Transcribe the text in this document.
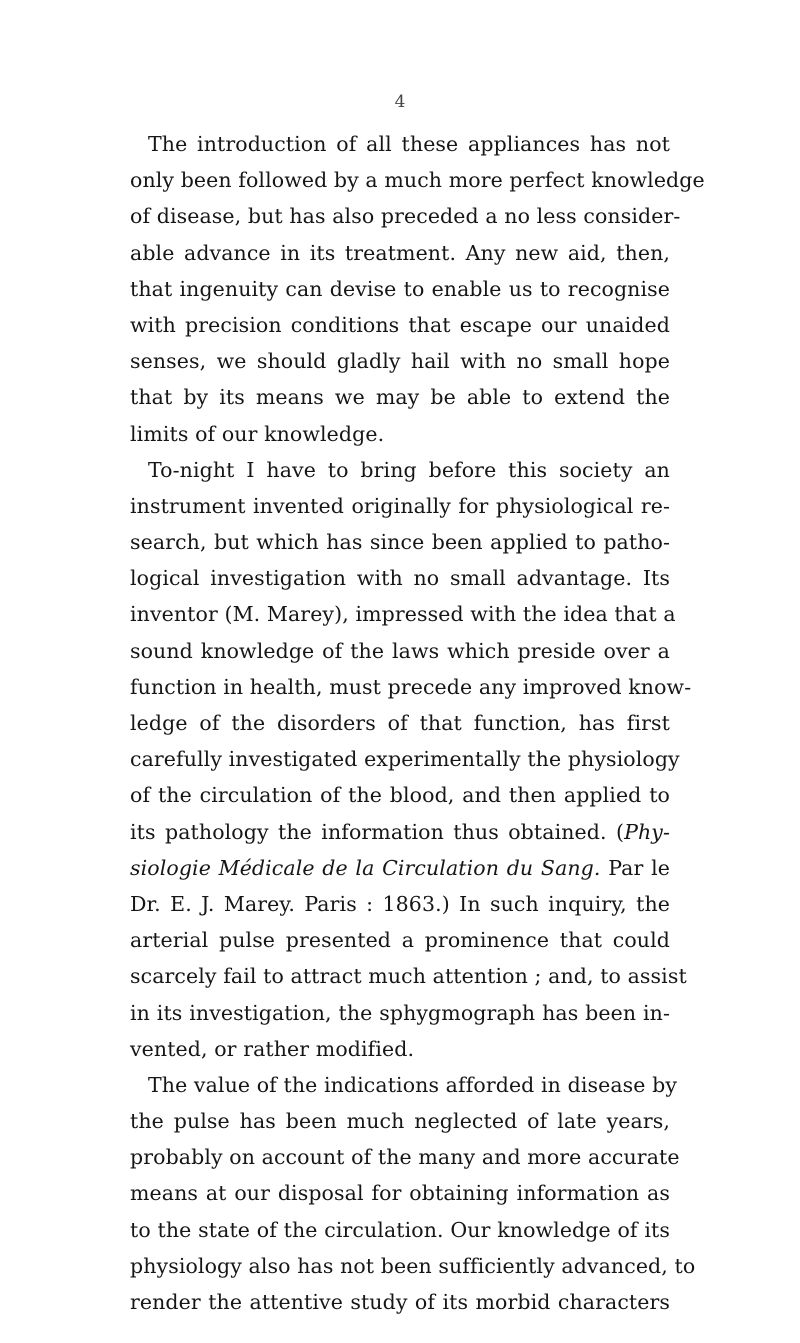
4
The introduction of all these appliances has not
only been followed by a much more perfect knowledge
of disease, but has also preceded a no less consider-
able advance in its treatment. Any new aid, then,
that ingenuity can devise to enable us to recognise
with precision conditions that escape our unaided
senses, we should gladly hail with no small hope
that by its means we may be able to extend the
limits of our knowledge.
To-night I have to bring before this society an
instrument invented originally for physiological re-
search, but which has since been applied to patho-
logical investigation with no small advantage. Its
inventor (M. Marey), impressed with the idea that a
sound knowledge of the laws which preside over a
function in health, must precede any improved know-
ledge of the disorders of that function, has first
carefully investigated experimentally the physiology
of the circulation of the blood, and then applied to
its pathology the information thus obtained. (Phy-
siologie Médicale de la Circulation du Sang. Par le
Dr. E. J. Marey. Paris : 1863.) In such inquiry, the
arterial pulse presented a prominence that could
scarcely fail to attract much attention ; and, to assist
in its investigation, the sphygmograph has been in-
vented, or rather modified.
The value of the indications afforded in disease by
the pulse has been much neglected of late years,
probably on account of the many and more accurate
means at our disposal for obtaining information as
to the state of the circulation. Our knowledge of its
physiology also has not been sufficiently advanced, to
render the attentive study of its morbid characters
